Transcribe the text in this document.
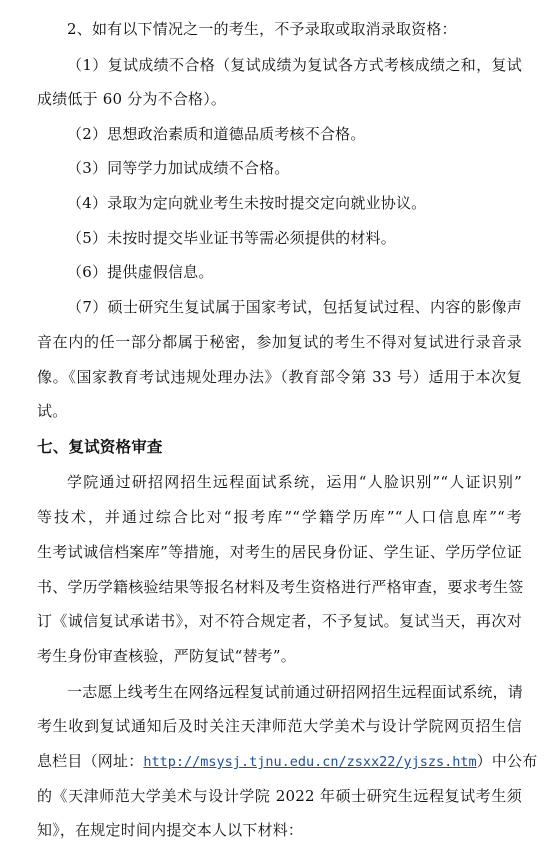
2、如有以下情况之一的考生，不予录取或取消录取资格：
（1）复试成绩不合格（复试成绩为复试各方式考核成绩之和，复试
成绩低于 60 分为不合格）。
（2）思想政治素质和道德品质考核不合格。
（3）同等学力加试成绩不合格。
（4）录取为定向就业考生未按时提交定向就业协议。
（5）未按时提交毕业证书等需必须提供的材料。
（6）提供虚假信息。
（7）硕士研究生复试属于国家考试，包括复试过程、内容的影像声
音在内的任一部分都属于秘密，参加复试的考生不得对复试进行录音录
像。《国家教育考试违规处理办法》（教育部令第 33 号）适用于本次复
试。
七、复试资格审查
学院通过研招网招生远程面试系统，运用“人脸识别”“人证识别”
等技术，并通过综合比对“报考库”“学籍学历库”“人口信息库”“考
生考试诚信档案库”等措施，对考生的居民身份证、学生证、学历学位证
书、学历学籍核验结果等报名材料及考生资格进行严格审查，要求考生签
订《诚信复试承诺书》，对不符合规定者，不予复试。复试当天，再次对
考生身份审查核验，严防复试“替考”。
一志愿上线考生在网络远程复试前通过研招网招生远程面试系统，请
考生收到复试通知后及时关注天津师范大学美术与设计学院网页招生信
息栏目（网址：http://msysj.tjnu.edu.cn/zsxx22/yjszs.htm）中公布
的《天津师范大学美术与设计学院 2022 年硕士研究生远程复试考生须
知》，在规定时间内提交本人以下材料：
